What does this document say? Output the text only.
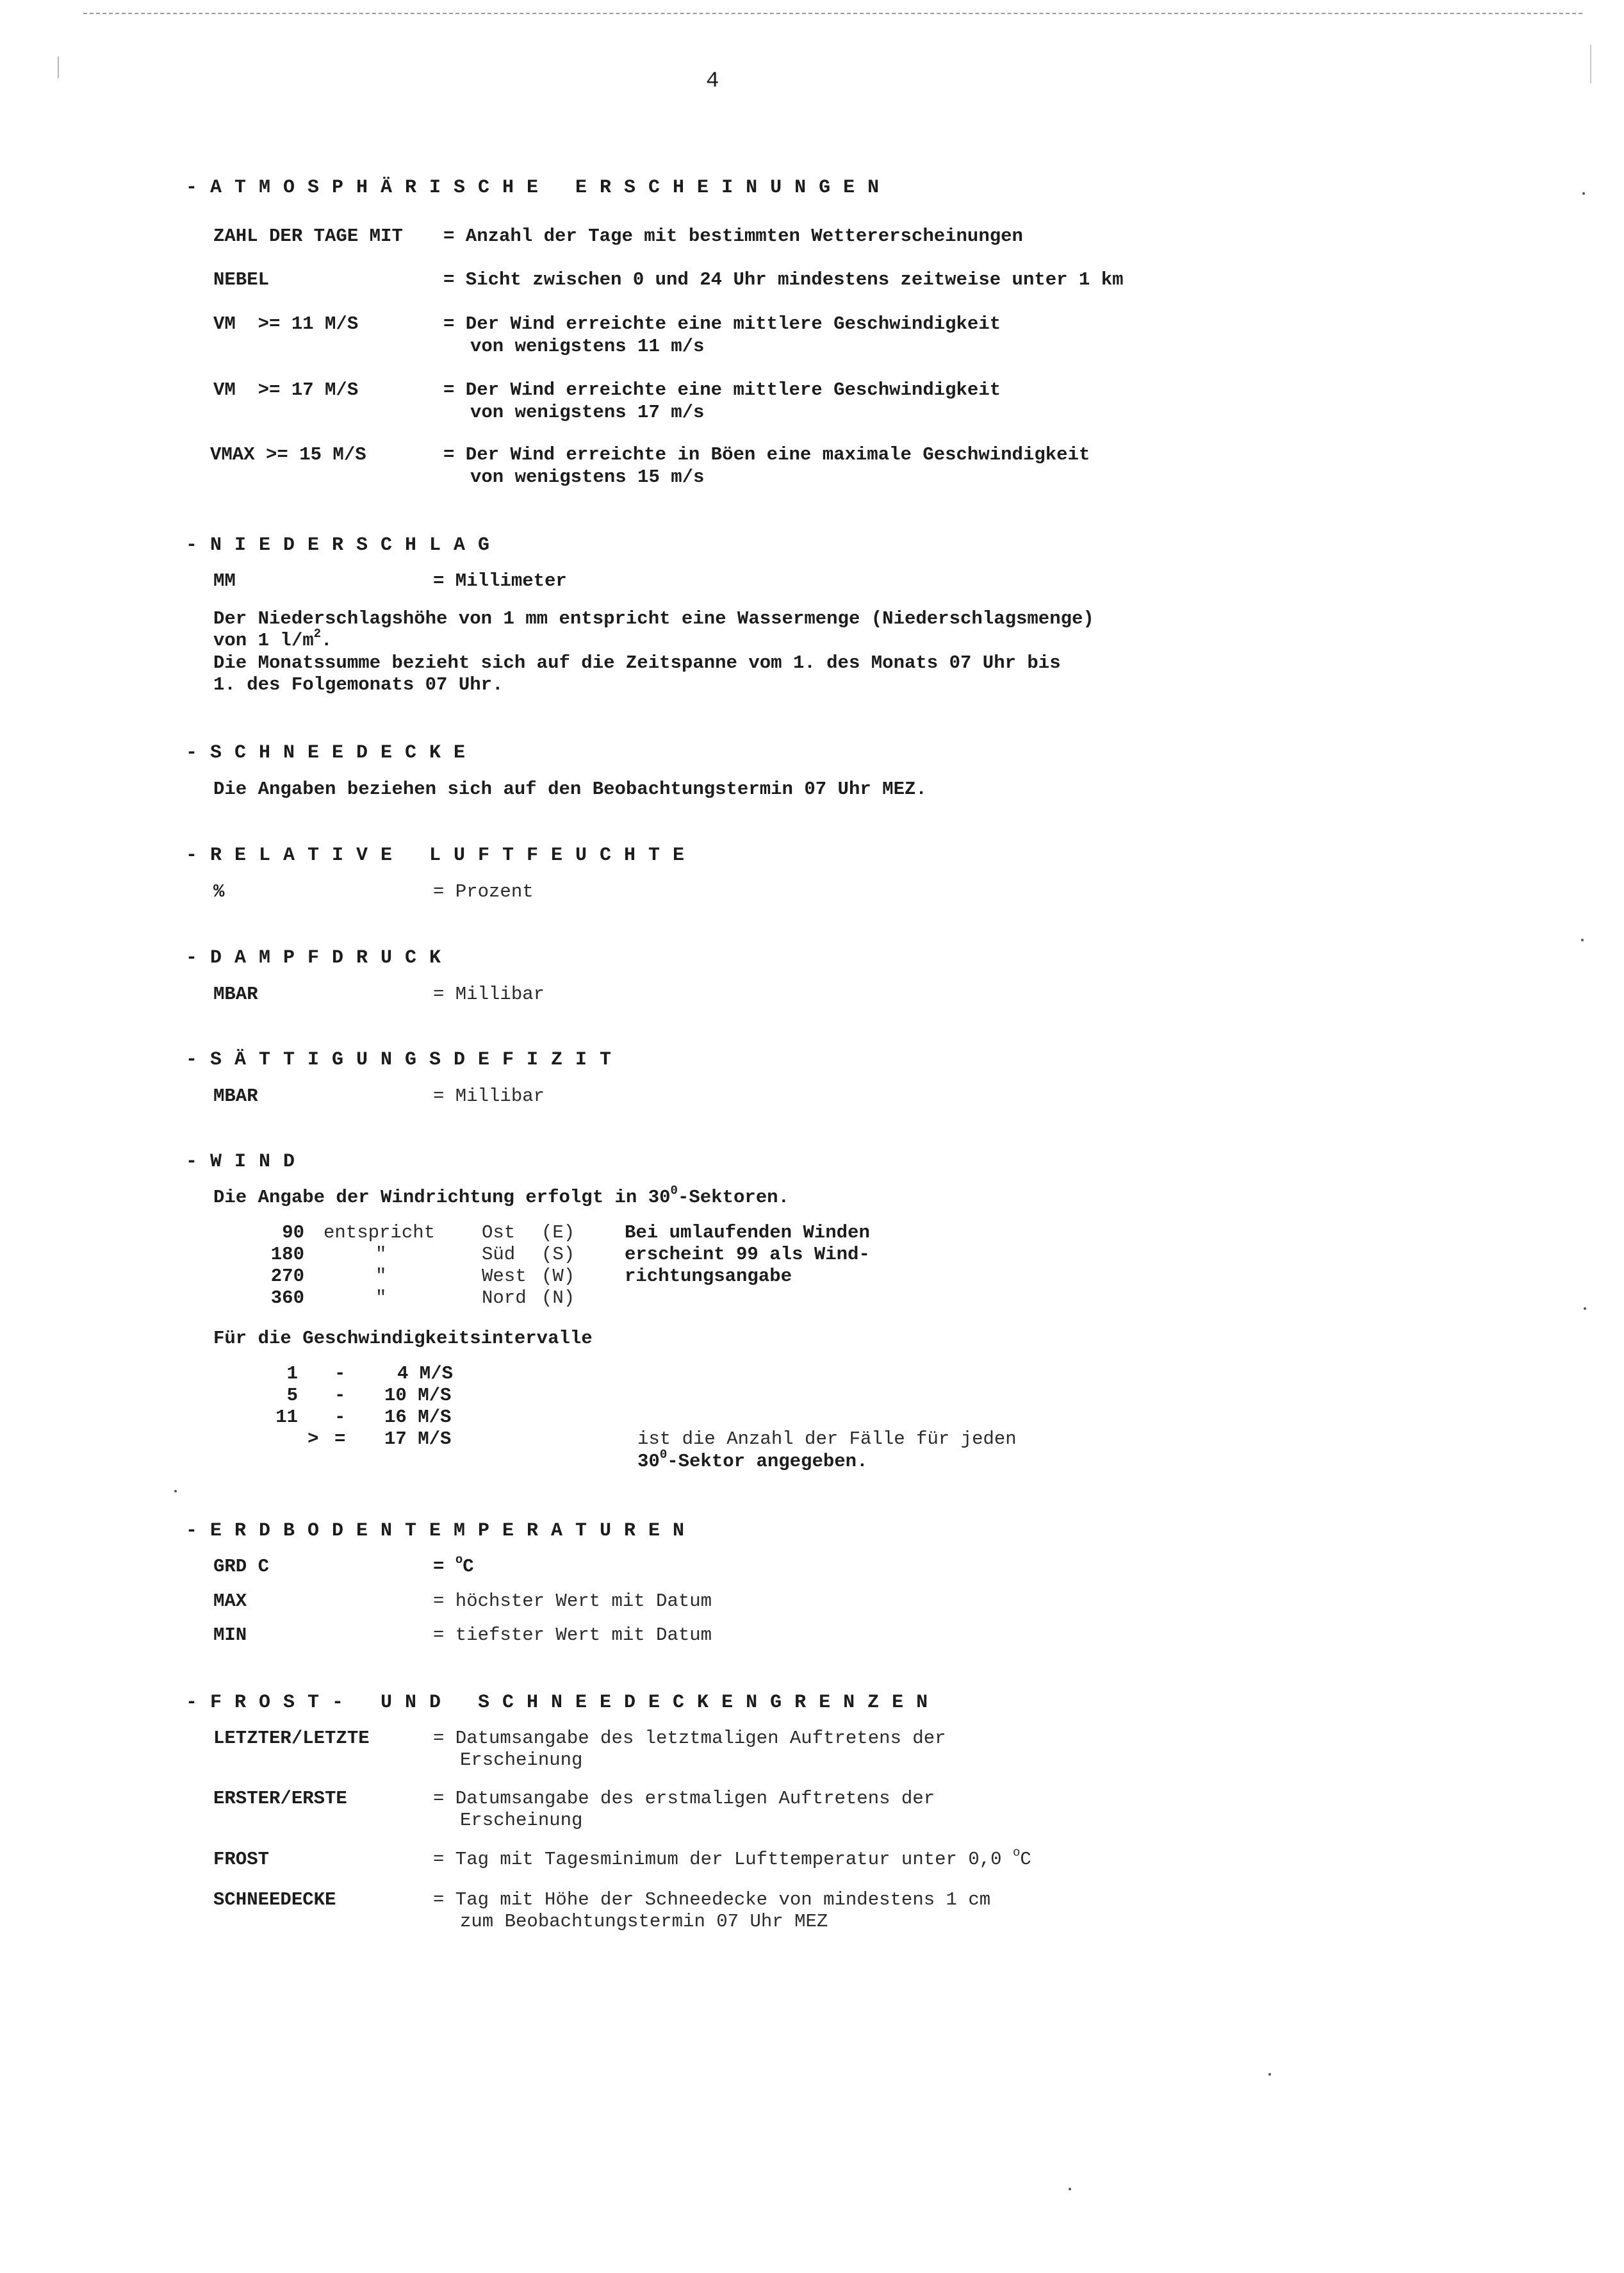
4
-ATMOSPHÄRISCHE ERSCHEINUNGEN
ZAHL DER TAGE MIT = Anzahl der Tage mit bestimmten Wettererscheinungen
NEBEL	= Sicht zwischen 0 und 24 Uhr mindestens zeitweise unter 1 km
VM  >= 11 M/S	= Der Wind erreichte eine mittlere Geschwindigkeit
von wenigstens 11 m/s
VM  >= 17 M/S	= Der Wind erreichte eine mittlere Geschwindigkeit
von wenigstens 17 m/s
VMAX >= 15 M/S	= Der Wind erreichte in Böen eine maximale Geschwindigkeit
von wenigstens 15 m/s
-NIEDERSCHLAG
MM	= Millimeter
Der Niederschlagshöhe von 1 mm entspricht eine Wassermenge (Niederschlagsmenge)
von 1 $l/m^2$.
Die Monatssumme bezieht sich auf die Zeitspanne vom 1. des Monats 07 Uhr bis
1. des Folgemonats 07 Uhr.
-SCHNEEDECKE
Die Angaben beziehen sich auf den Beobachtungstermin 07 Uhr MEZ.
-RELATIVE LUFTFEUCHTE
%	= Prozent
-DAMPFDRUCK
MBAR	= Millibar
-SÄTTIGUNGSDEFIZIT
MBAR	= Millibar
-WIND
Die Angabe der Windrichtung erfolgt in $30^0$-Sektoren.
90 entspricht	Ost (E)
180	"	Süd (S)
270	"	West (W)
360	"	Nord (N)
Bei umlaufenden Winden
erscheint 99 als Wind-
richtungsangabe
Für die Geschwindigkeitsintervalle
1 -	4 M/S
5 - 10 M/S
11 - 16 M/S
> = 17 M/S	ist die Anzahl der Fälle für jeden
$30^0$-Sektor angegeben.
-ERDBODENTEMPERATUREN
GRD C	= $^o$C
MAX	= höchster Wert mit Datum
MIN	= tiefster Wert mit Datum
-FROST- UND SCHNEEDECKENGRENZEN
LETZTER/LETZTE	= Datumsangabe des letztmaligen Auftretens der
Erscheinung
ERSTER/ERSTE	= Datumsangabe des erstmaligen Auftretens der
Erscheinung
FROST	= Tag mit Tagesminimum der Lufttemperatur unter 0,0 $^o$C
SCHNEEDECKE	= Tag mit Höhe der Schneedecke von mindestens 1 cm
zum Beobachtungstermin 07 Uhr MEZ
